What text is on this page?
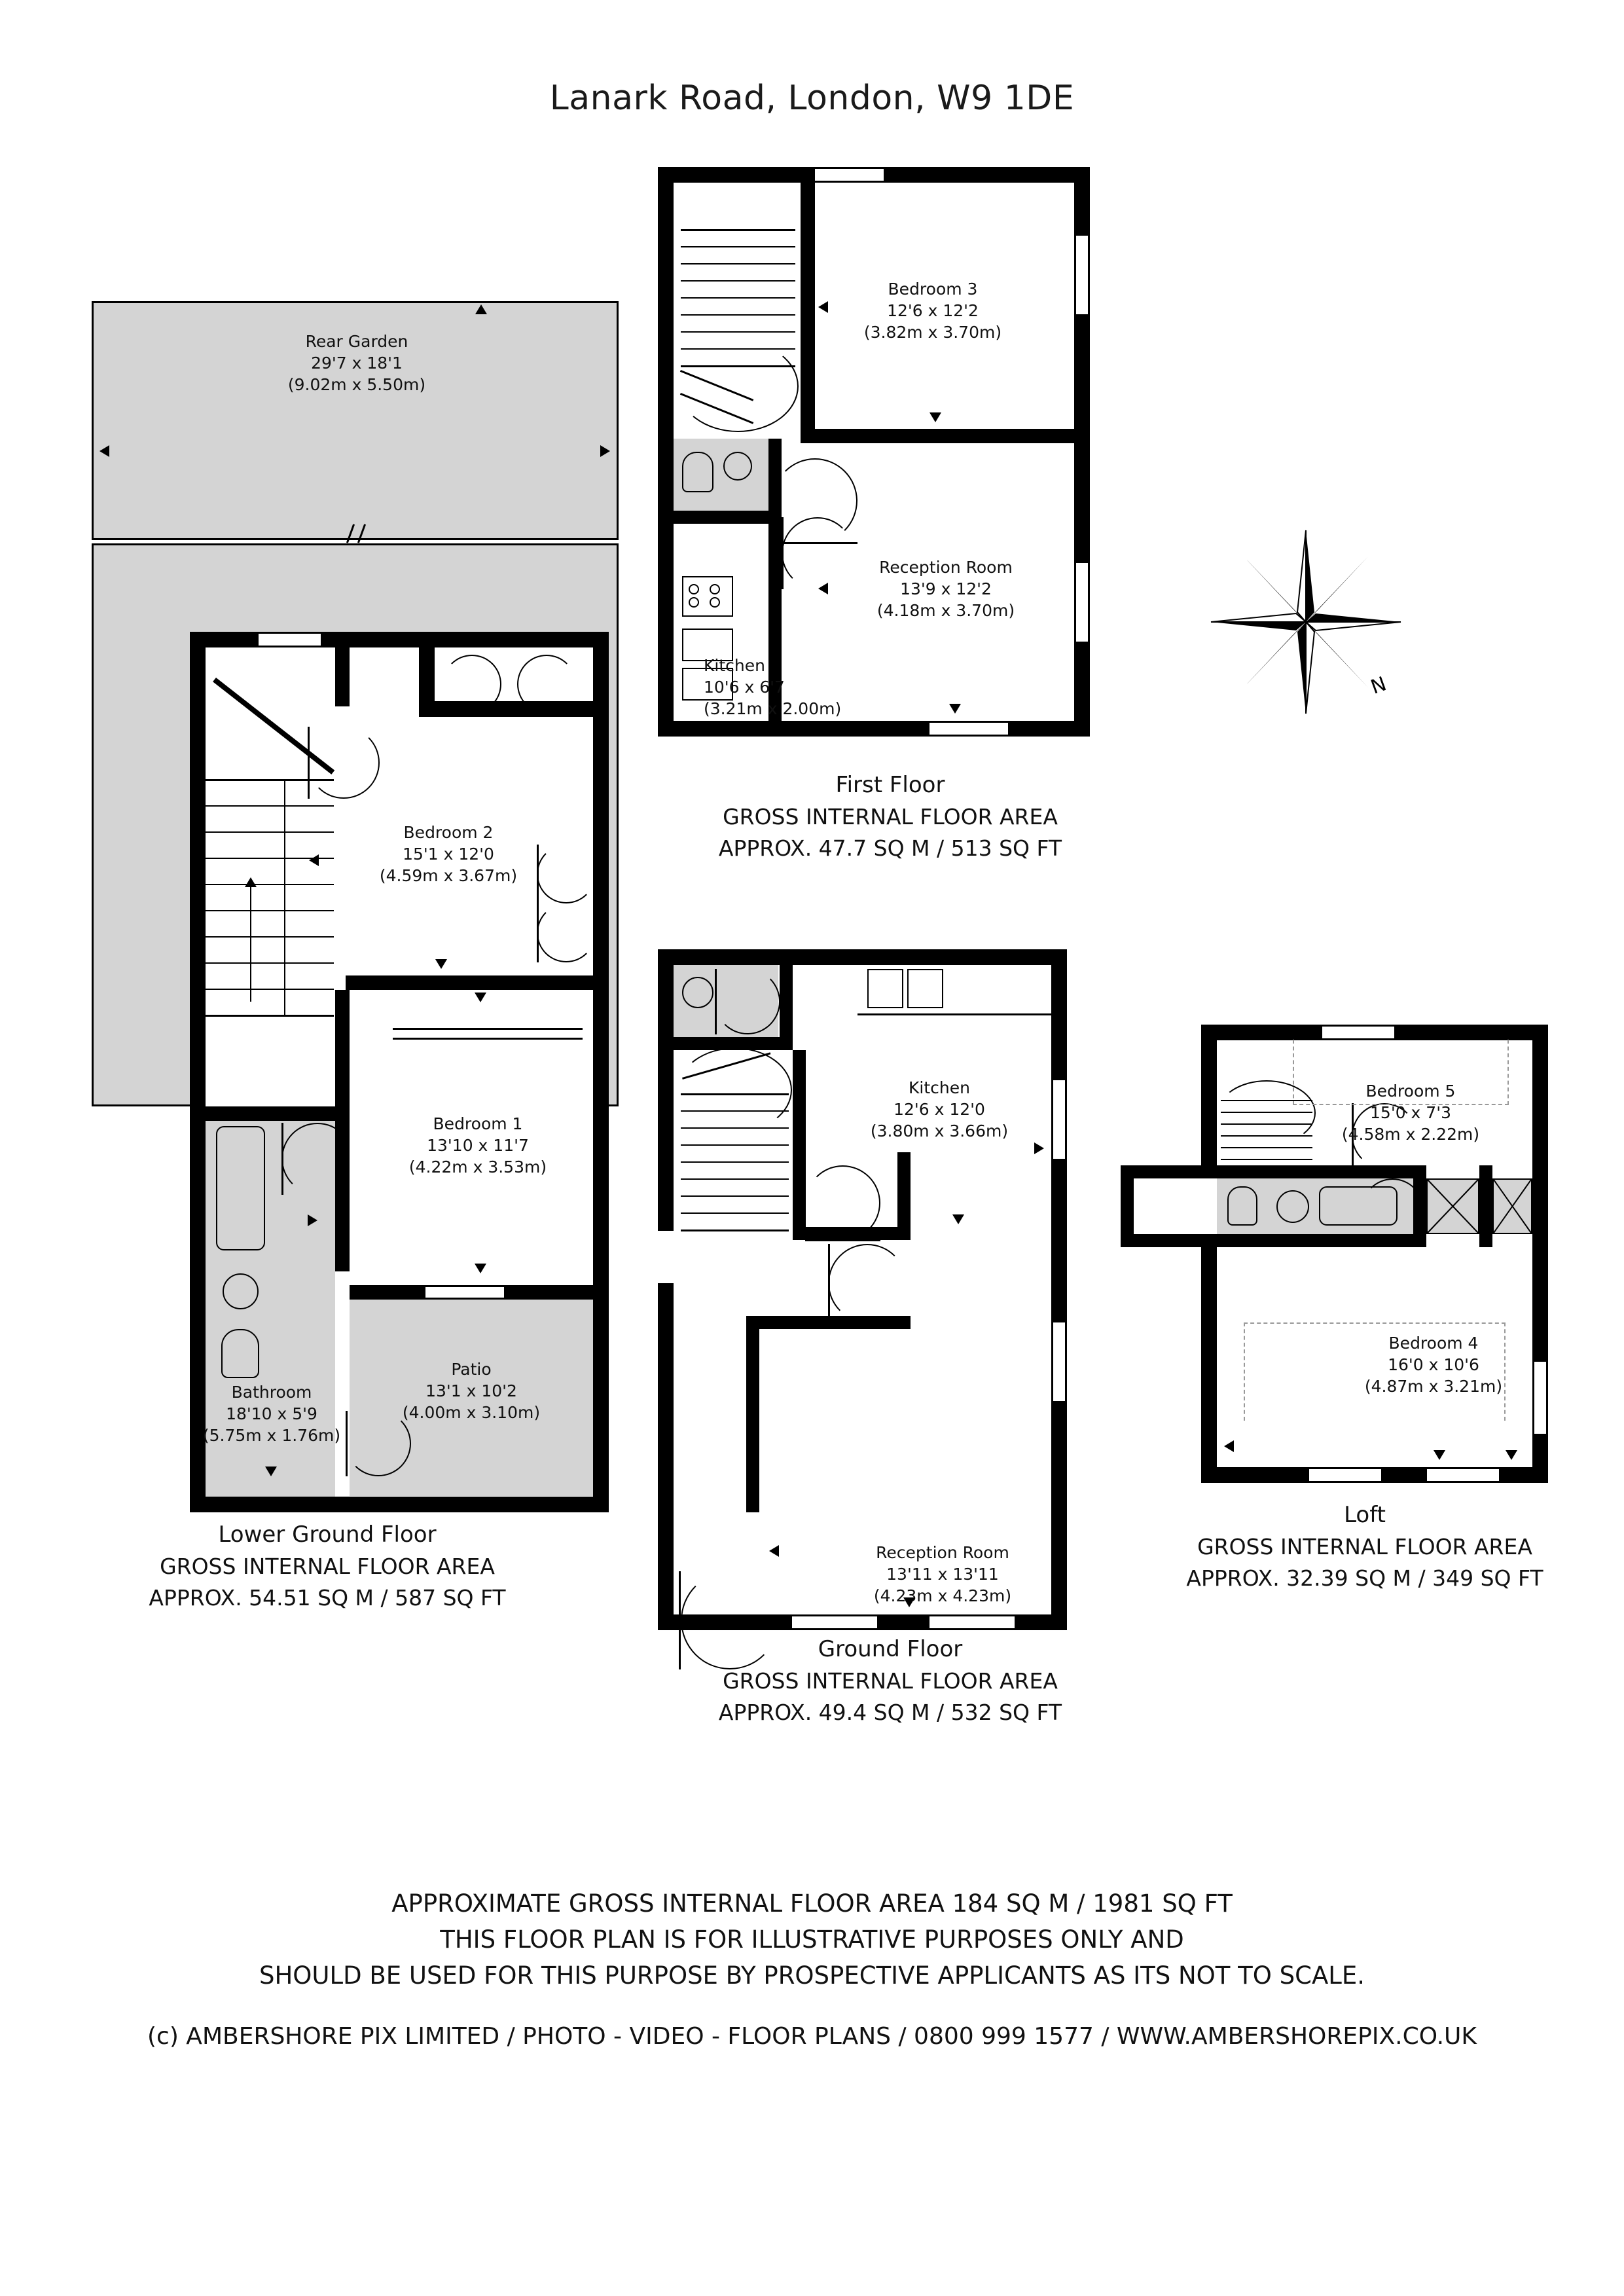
Lanark Road, London, W9 1DE
Rear Garden
29'7 x 18'1
(9.02m x 5.50m)
Bedroom 2
15'1 x 12'0
(4.59m x 3.67m)
Bedroom 1
13'10 x 11'7
(4.22m x 3.53m)
Bathroom
18'10 x 5'9
(5.75m x 1.76m)
Patio
13'1 x 10'2
(4.00m x 3.10m)
Lower Ground Floor
GROSS INTERNAL FLOOR AREA
APPROX. 54.51 SQ M / 587 SQ FT
Bedroom 3
12'6 x 12'2
(3.82m x 3.70m)
Reception Room
13'9 x 12'2
(4.18m x 3.70m)
Kitchen
10'6 x 6'7
(3.21m x 2.00m)
First Floor
GROSS INTERNAL FLOOR AREA
APPROX. 47.7 SQ M / 513 SQ FT
N
Kitchen
12'6 x 12'0
(3.80m x 3.66m)
Reception Room
13'11 x 13'11
(4.23m x 4.23m)
Ground Floor
GROSS INTERNAL FLOOR AREA
APPROX. 49.4 SQ M / 532 SQ FT
Bedroom 5
15'0 x 7'3
(4.58m x 2.22m)
Bedroom 4
16'0 x 10'6
(4.87m x 3.21m)
Loft
GROSS INTERNAL FLOOR AREA
APPROX. 32.39 SQ M / 349 SQ FT
APPROXIMATE GROSS INTERNAL FLOOR AREA 184 SQ M / 1981 SQ FT
THIS FLOOR PLAN IS FOR ILLUSTRATIVE PURPOSES ONLY AND
SHOULD BE USED FOR THIS PURPOSE BY PROSPECTIVE APPLICANTS AS ITS NOT TO SCALE.
(c) AMBERSHORE PIX LIMITED / PHOTO - VIDEO - FLOOR PLANS / 0800 999 1577 / WWW.AMBERSHOREPIX.CO.UK
